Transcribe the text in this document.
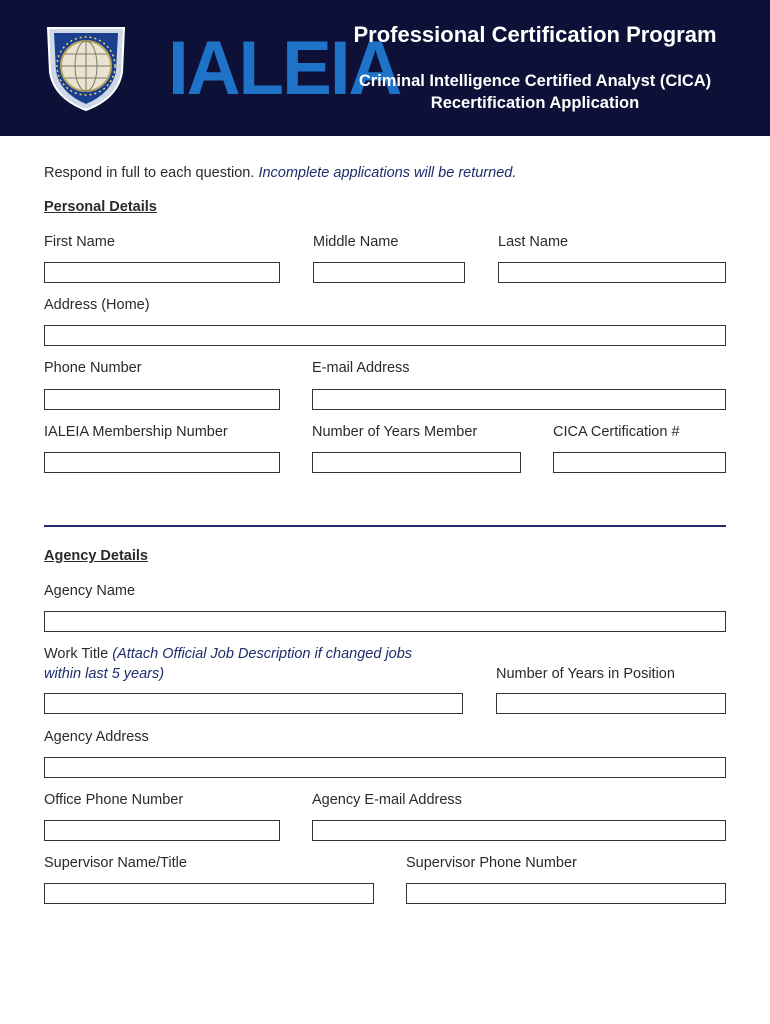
IALEIA
Professional Certification Program
Criminal Intelligence Certified Analyst (CICA)
Recertification Application
Respond in full to each question. Incomplete applications will be returned.
Personal Details
First Name	Middle Name	Last Name
Address (Home)
Phone Number	E-mail Address
IALEIA Membership Number	Number of Years Member	CICA Certification #
Agency Details
Agency Name
Work Title (Attach Official Job Description if changed jobs
within last 5 years)	Number of Years in Position
Agency Address
Office Phone Number	Agency E-mail Address
Supervisor Name/Title	Supervisor Phone Number
